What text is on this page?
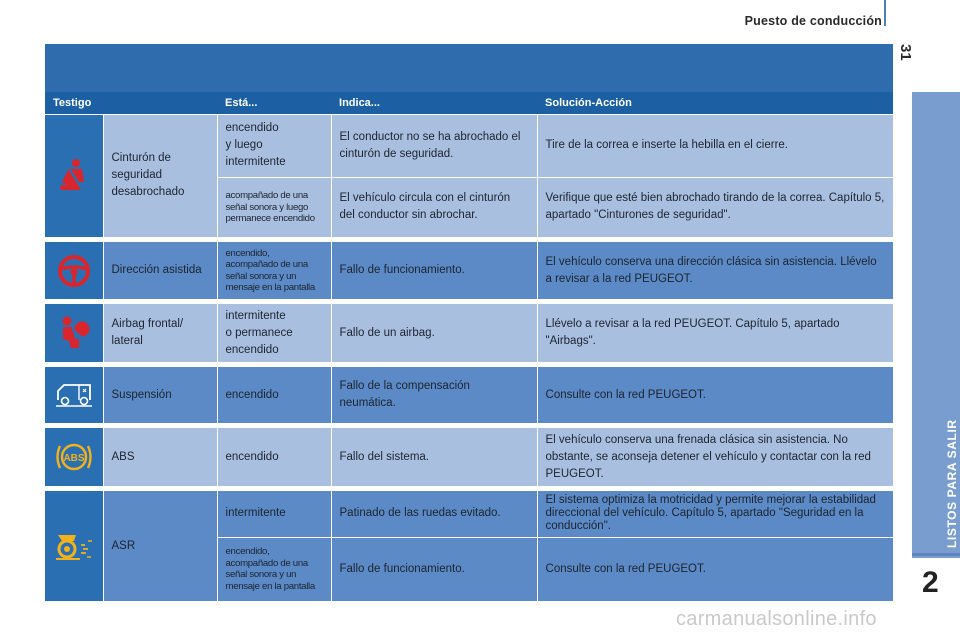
Puesto de conducción
31
LISTOS PARA SALIR
2
Testigo		Está...	Indica...	Solución-Acción
	Cinturón de seguridad desabrochado	encendido
y luego
intermitente	El conductor no se ha abrochado el cinturón de seguridad.	Tire de la correa e inserte la hebilla en el cierre.
		acompañado de una señal sonora y luego permanece encendido	El vehículo circula con el cinturón del conductor sin abrochar.	Verifique que esté bien abrochado tirando de la correa. Capítulo 5, apartado "Cinturones de seguridad".

	Dirección asistida	encendido, acompañado de una señal sonora y un mensaje en la pantalla	Fallo de funcionamiento.	El vehículo conserva una dirección clásica sin asistencia. Llévelo a revisar a la red PEUGEOT.

	Airbag frontal/ lateral	intermitente
o permanece
encendido	Fallo de un airbag.	Llévelo a revisar a la red PEUGEOT. Capítulo 5, apartado "Airbags".

	Suspensión	encendido	Fallo de la compensación neumática.	Consulte con la red PEUGEOT.

ABS	ABS	encendido	Fallo del sistema.	El vehículo conserva una frenada clásica sin asistencia. No obstante, se aconseja detener el vehículo y contactar con la red PEUGEOT.

	ASR	intermitente	Patinado de las ruedas evitado.	El sistema optimiza la motricidad y permite mejorar la estabilidad direccional del vehículo. Capítulo 5, apartado "Seguridad en la conducción".
		encendido, acompañado de una señal sonora y un mensaje en la pantalla	Fallo de funcionamiento.	Consulte con la red PEUGEOT.
carmanualsonline.info
